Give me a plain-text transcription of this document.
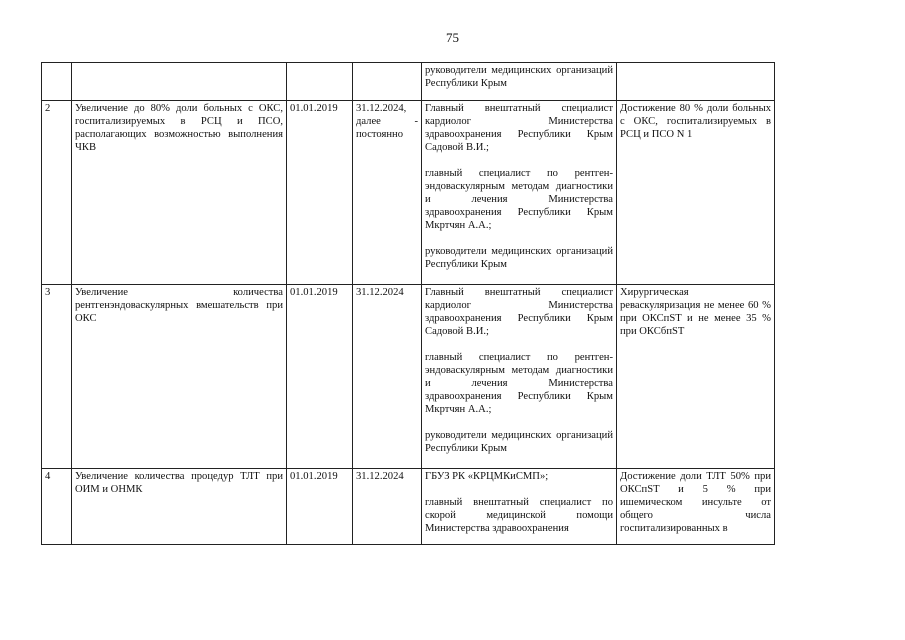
75

				руководители медицинских организаций Республики Крым	

2	Увеличение до 80% доли больных с ОКС, госпитализируемых в РСЦ и ПСО, располагающих возможностью выполнения ЧКВ	01.01.2019	31.12.2024, далее - постоянно	Главный внештатный специалист кардиолог Министерства здравоохранения Республики Крым Садовой В.И.;
главный специалист по рентген-эндоваскулярным методам диагностики и лечения Министерства здравоохранения Республики Крым Мкртчян А.А.;
руководители медицинских организаций Республики Крым	Достижение 80 % доли больных с ОКС, госпитализируемых в РСЦ и ПСО N 1
3	Увеличение количества рентгенэндоваскулярных вмешательств при ОКС	01.01.2019	31.12.2024	Главный внештатный специалист кардиолог Министерства здравоохранения Республики Крым Садовой В.И.;
главный специалист по рентген-эндоваскулярным методам диагностики и лечения Министерства здравоохранения Республики Крым Мкртчян А.А.;
руководители медицинских организаций Республики Крым	Хирургическая реваскуляризация не менее 60 % при ОКСпST и не менее 35 % при ОКСбпST
4	Увеличение количества процедур ТЛТ при ОИМ и ОНМК	01.01.2019	31.12.2024	ГБУЗ РК «КРЦМКиСМП»;
главный внештатный специалист по скорой медицинской помощи Министерства здравоохранения	Достижение доли ТЛТ 50% при ОКСпST и 5 % при ишемическом инсульте от общего числа госпитализированных в
